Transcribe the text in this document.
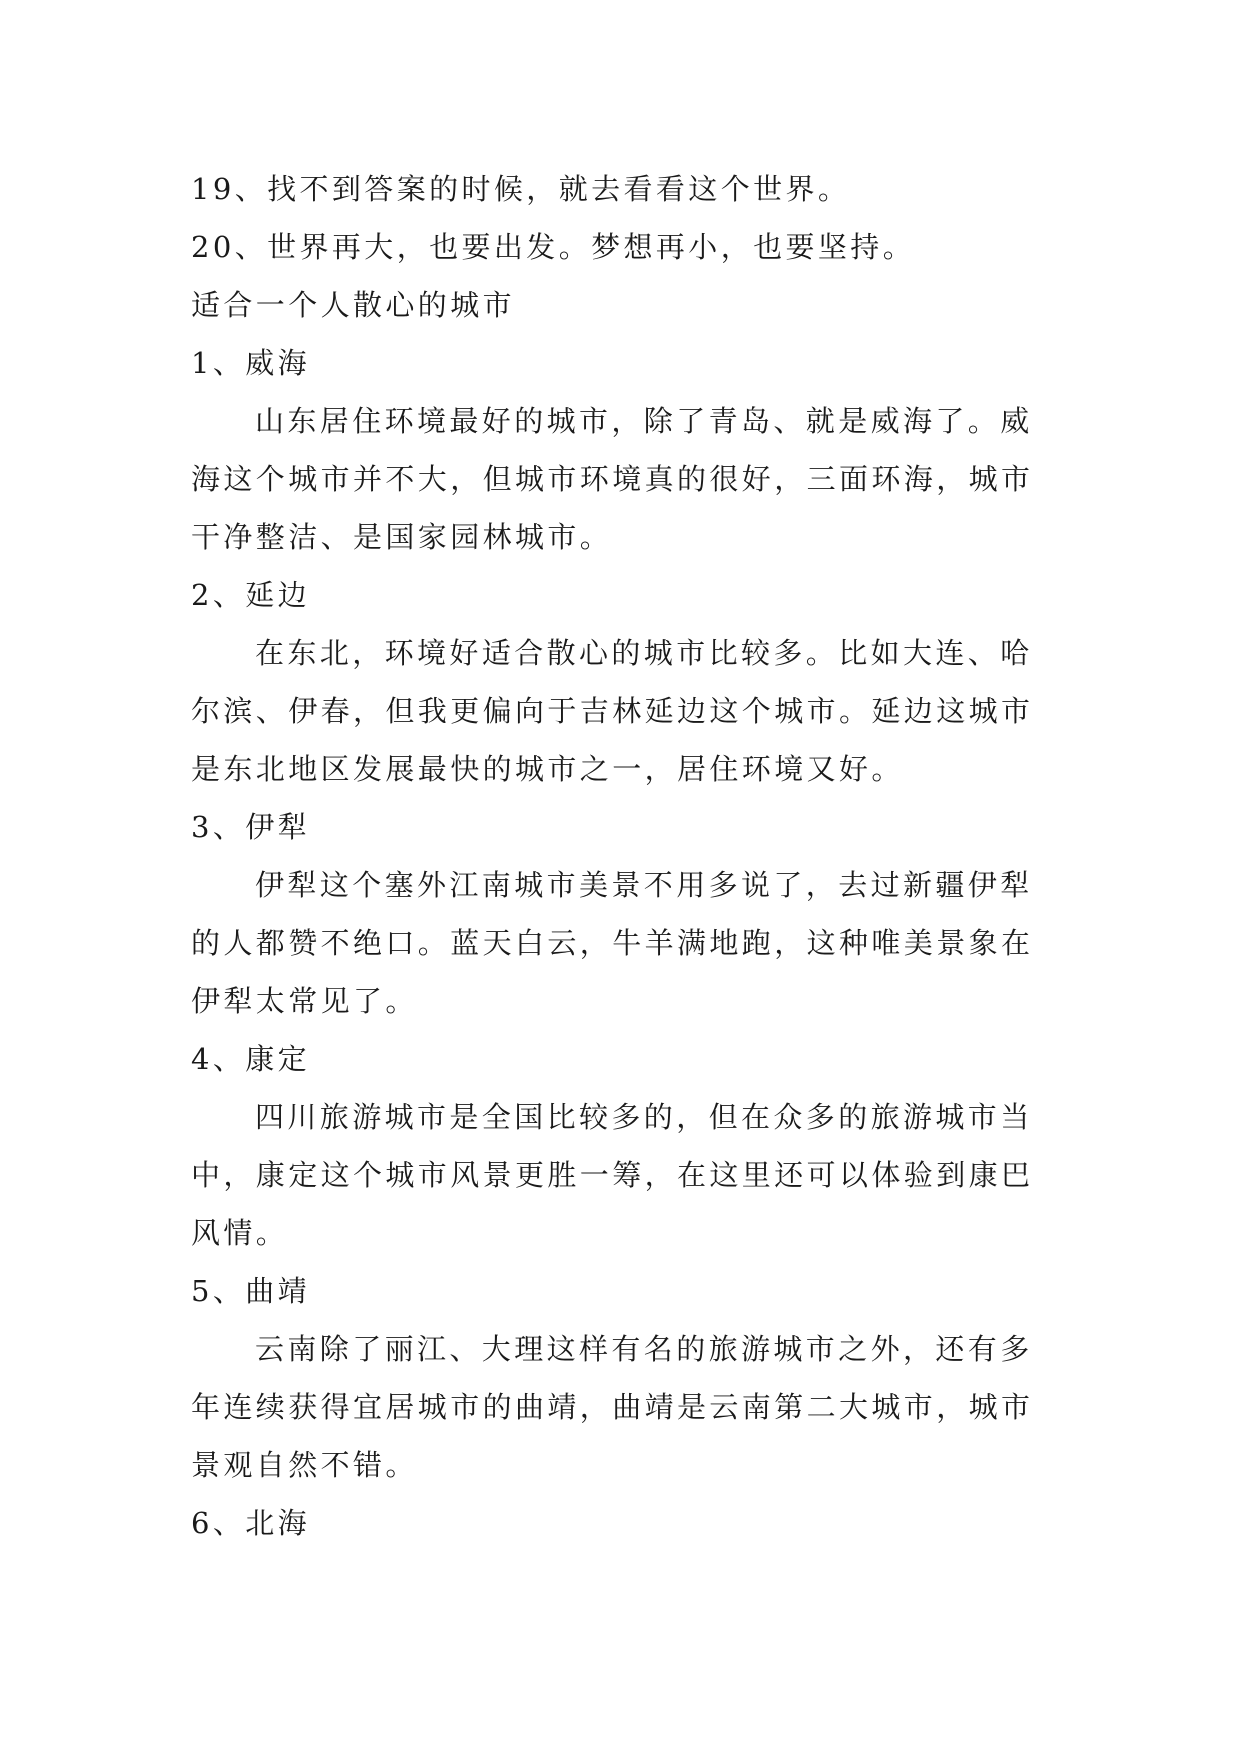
19、找不到答案的时候，就去看看这个世界。

20、世界再大，也要出发。梦想再小，也要坚持。

适合一个人散心的城市

1、威海

山东居住环境最好的城市，除了青岛、就是威海了。威海这个城市并不大，但城市环境真的很好，三面环海，城市干净整洁、是国家园林城市。

2、延边

在东北，环境好适合散心的城市比较多。比如大连、哈尔滨、伊春，但我更偏向于吉林延边这个城市。延边这城市是东北地区发展最快的城市之一，居住环境又好。

3、伊犁

伊犁这个塞外江南城市美景不用多说了，去过新疆伊犁的人都赞不绝口。蓝天白云，牛羊满地跑，这种唯美景象在伊犁太常见了。

4、康定

四川旅游城市是全国比较多的，但在众多的旅游城市当中，康定这个城市风景更胜一筹，在这里还可以体验到康巴风情。

5、曲靖

云南除了丽江、大理这样有名的旅游城市之外，还有多年连续获得宜居城市的曲靖，曲靖是云南第二大城市，城市景观自然不错。

6、北海
